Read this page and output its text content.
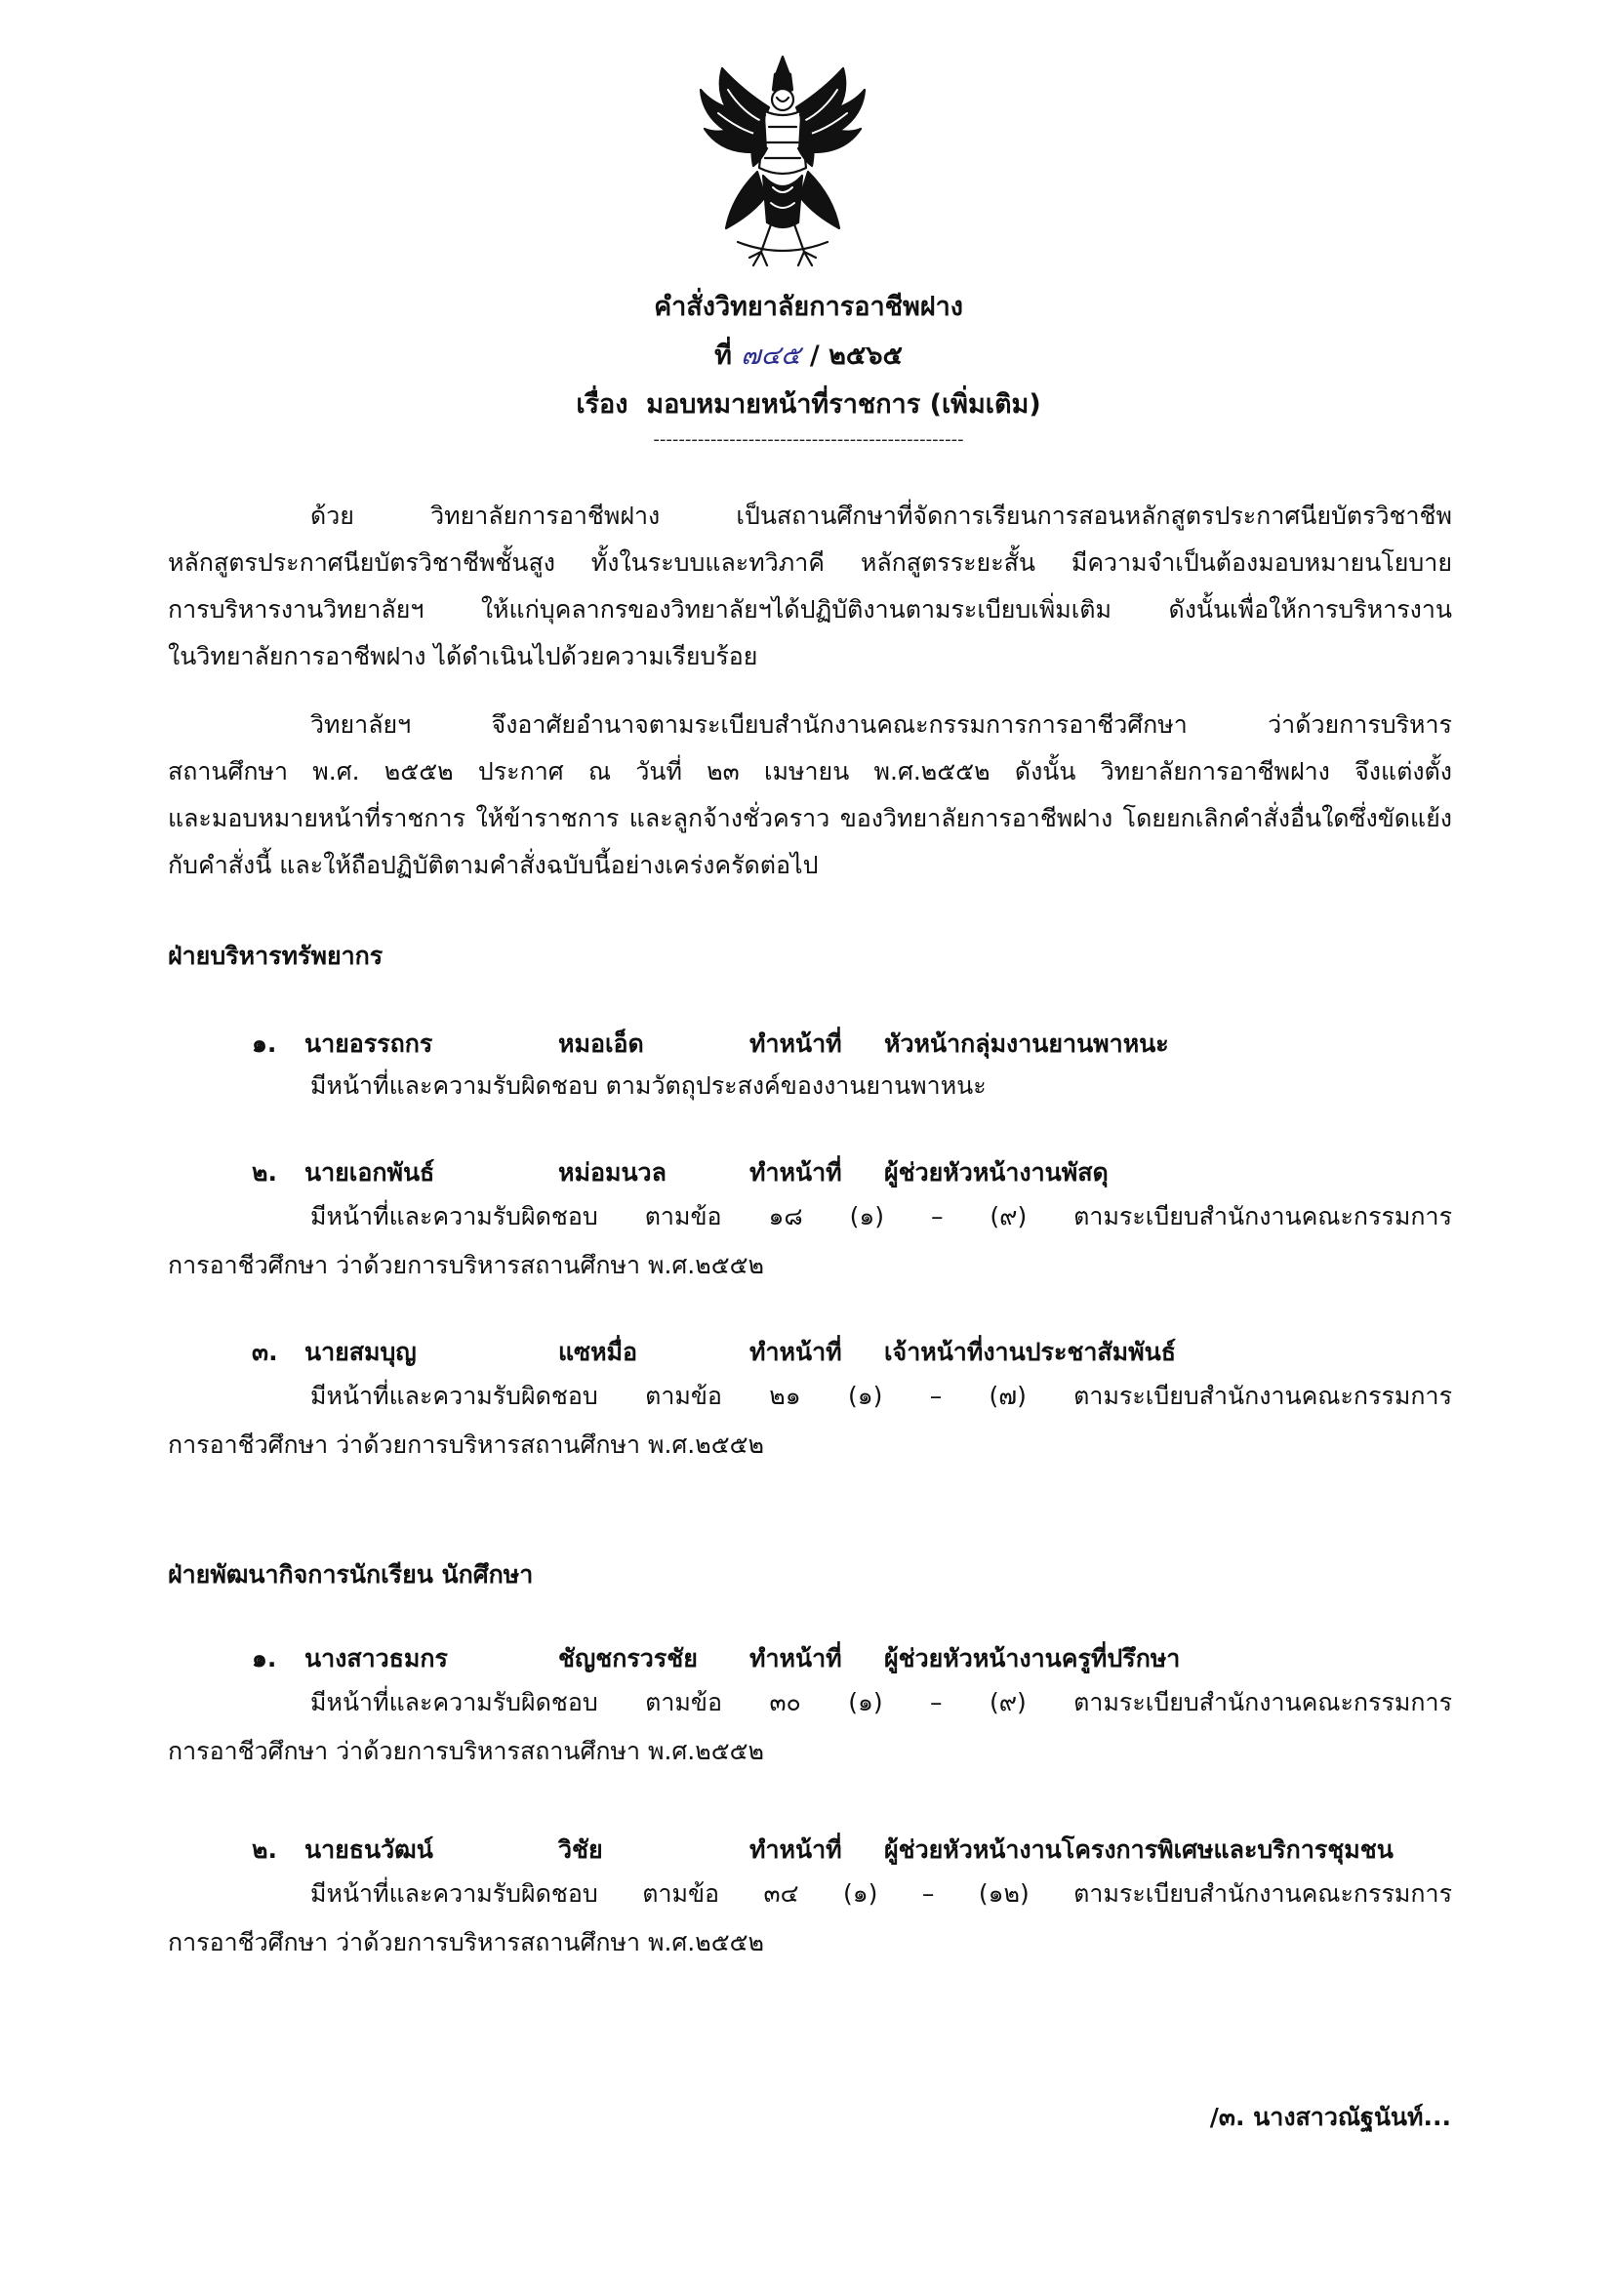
คำสั่งวิทยาลัยการอาชีพฝาง
ที่ ๗๔๕ / ๒๕๖๕
เรื่อง มอบหมายหน้าที่ราชการ (เพิ่มเติม)
-------------------------------------------------
ด้วย วิทยาลัยการอาชีพฝาง เป็นสถานศึกษาที่จัดการเรียนการสอนหลักสูตรประกาศนียบัตรวิชาชีพ
หลักสูตรประกาศนียบัตรวิชาชีพชั้นสูง ทั้งในระบบและทวิภาคี หลักสูตรระยะสั้น มีความจำเป็นต้องมอบหมายนโยบาย
การบริหารงานวิทยาลัยฯ ให้แก่บุคลากรของวิทยาลัยฯได้ปฏิบัติงานตามระเบียบเพิ่มเติม ดังนั้นเพื่อให้การบริหารงาน
ในวิทยาลัยการอาชีพฝาง ได้ดำเนินไปด้วยความเรียบร้อย
วิทยาลัยฯ จึงอาศัยอำนาจตามระเบียบสำนักงานคณะกรรมการการอาชีวศึกษา ว่าด้วยการบริหาร
สถานศึกษา พ.ศ. ๒๕๕๒ ประกาศ ณ วันที่ ๒๓ เมษายน พ.ศ.๒๕๕๒ ดังนั้น วิทยาลัยการอาชีพฝาง จึงแต่งตั้ง
และมอบหมายหน้าที่ราชการ ให้ข้าราชการ และลูกจ้างชั่วคราว ของวิทยาลัยการอาชีพฝาง โดยยกเลิกคำสั่งอื่นใดซึ่งขัดแย้ง
กับคำสั่งนี้ และให้ถือปฏิบัติตามคำสั่งฉบับนี้อย่างเคร่งครัดต่อไป
ฝ่ายบริหารทรัพยากร
๑. นายอรรถกร	หมอเอ็ด	ทำหน้าที่ หัวหน้ากลุ่มงานยานพาหนะ
มีหน้าที่และความรับผิดชอบ ตามวัตถุประสงค์ของงานยานพาหนะ
๒. นายเอกพันธ์	หม่อมนวล	ทำหน้าที่ ผู้ช่วยหัวหน้างานพัสดุ
มีหน้าที่และความรับผิดชอบ ตามข้อ ๑๘ (๑) – (๙) ตามระเบียบสำนักงานคณะกรรมการ
การอาชีวศึกษา ว่าด้วยการบริหารสถานศึกษา พ.ศ.๒๕๕๒
๓. นายสมบุญ	แซหมื่อ	ทำหน้าที่ เจ้าหน้าที่งานประชาสัมพันธ์
มีหน้าที่และความรับผิดชอบ ตามข้อ ๒๑ (๑) – (๗) ตามระเบียบสำนักงานคณะกรรมการ
การอาชีวศึกษา ว่าด้วยการบริหารสถานศึกษา พ.ศ.๒๕๕๒
ฝ่ายพัฒนากิจการนักเรียน นักศึกษา
๑. นางสาวธมกร	ชัญชกรวรชัย ทำหน้าที่ ผู้ช่วยหัวหน้างานครูที่ปรึกษา
มีหน้าที่และความรับผิดชอบ ตามข้อ ๓๐ (๑) – (๙) ตามระเบียบสำนักงานคณะกรรมการ
การอาชีวศึกษา ว่าด้วยการบริหารสถานศึกษา พ.ศ.๒๕๕๒
๒. นายธนวัฒน์	วิชัย	ทำหน้าที่ ผู้ช่วยหัวหน้างานโครงการพิเศษและบริการชุมชน
มีหน้าที่และความรับผิดชอบ ตามข้อ ๓๔ (๑) – (๑๒) ตามระเบียบสำนักงานคณะกรรมการ
การอาชีวศึกษา ว่าด้วยการบริหารสถานศึกษา พ.ศ.๒๕๕๒
/๓. นางสาวณัฐนันท์...
